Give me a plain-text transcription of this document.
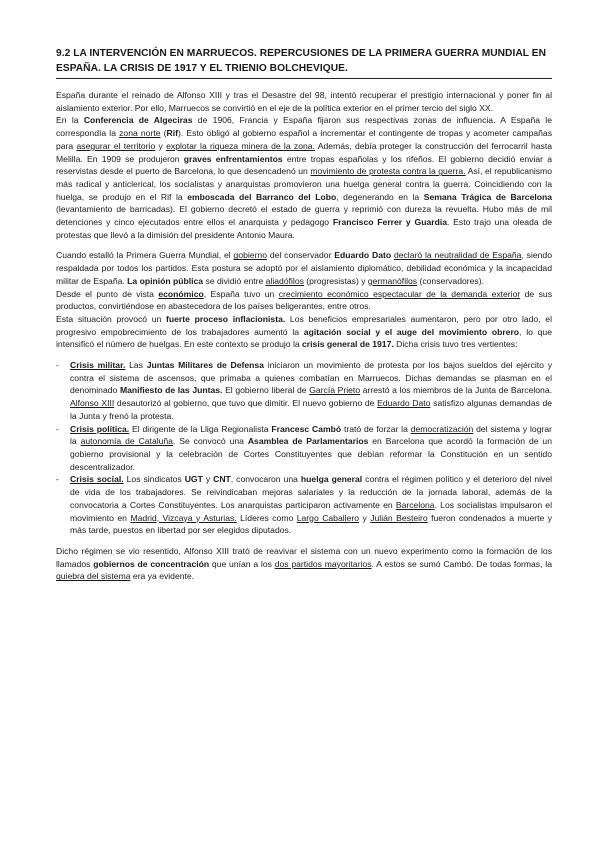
9.2 LA INTERVENCIÓN EN MARRUECOS. REPERCUSIONES DE LA PRIMERA GUERRA MUNDIAL EN ESPAÑA. LA CRISIS DE 1917 Y EL TRIENIO BOLCHEVIQUE.

España durante el reinado de Alfonso XIII y tras el Desastre del 98, intentó recuperar el prestigio internacional y poner fin al aislamiento exterior. Por ello, Marruecos se convirtió en el eje de la política exterior en el primer tercio del siglo XX.

En la Conferencia de Algeciras de 1906, Francia y España fijaron sus respectivas zonas de influencia. A España le correspondía la zona norte (Rif). Esto obligó al gobierno español a incrementar el contingente de tropas y acometer campañas para asegurar el territorio y explotar la riqueza minera de la zona. Además, debía proteger la construcción del ferrocarril hasta Melilla. En 1909 se produjeron graves enfrentamientos entre tropas españolas y los rifeños. El gobierno decidió enviar a reservistas desde el puerto de Barcelona, lo que desencadenó un movimiento de protesta contra la guerra. Así, el republicanismo más radical y anticlerical, los socialistas y anarquistas promovieron una huelga general contra la guerra. Coincidiendo con la huelga, se produjo en el Rif la emboscada del Barranco del Lobo, degenerando en la Semana Trágica de Barcelona (levantamiento de barricadas). El gobierno decretó el estado de guerra y reprimió con dureza la revuelta. Hubo más de mil detenciones y cinco ejecutados entre ellos el anarquista y pedagogo Francisco Ferrer y Guardia. Esto trajo una oleada de protestas que llevó a la dimisión del presidente Antonio Maura.

Cuando estalló la Primera Guerra Mundial, el gobierno del conservador Eduardo Dato declaró la neutralidad de España, siendo respaldada por todos los partidos. Esta postura se adoptó por el aislamiento diplomático, debilidad económica y la incapacidad militar de España. La opinión pública se dividió entre aliadófilos (progresistas) y germanófilos (conservadores).

Desde el punto de vista económico, España tuvo un crecimiento económico espectacular de la demanda exterior de sus productos, convirtiéndose en abastecedora de los países beligerantes, entre otros.

Esta situación provocó un fuerte proceso inflacionista. Los beneficios empresariales aumentaron, pero por otro lado, el progresivo empobrecimiento de los trabajadores aumentó la agitación social y el auge del movimiento obrero, lo que intensificó el número de huelgas. En este contexto se produjo la crisis general de 1917. Dicha crisis tuvo tres vertientes:

-	Crisis militar. Las Juntas Militares de Defensa iniciaron un movimiento de protesta por los bajos sueldos del ejército y contra el sistema de ascensos, que primaba a quienes combatían en Marruecos. Dichas demandas se plasman en el denominado Manifiesto de las Juntas. El gobierno liberal de García Prieto arrestó a los miembros de la Junta de Barcelona. Alfonso XIII desautorizó al gobierno, que tuvo que dimitir. El nuevo gobierno de Eduardo Dato satisfizo algunas demandas de la Junta y frenó la protesta.

-	Crisis política. El dirigente de la Lliga Regionalista Francesc Cambó trató de forzar la democratización del sistema y lograr la autonomía de Cataluña. Se convocó una Asamblea de Parlamentarios en Barcelona que acordó la formación de un gobierno provisional y la celebración de Cortes Constituyentes que debían reformar la Constitución en un sentido descentralizador.

-	Crisis social. Los sindicatos UGT y CNT, convocaron una huelga general contra el régimen político y el deterioro del nivel de vida de los trabajadores. Se reivindicaban mejoras salariales y la reducción de la jornada laboral, además de la convocatoria a Cortes Constituyentes. Los anarquistas participaron activamente en Barcelona. Los socialistas impulsaron el movimiento en Madrid, Vizcaya y Asturias. Líderes como Largo Caballero y Julián Besteiro fueron condenados a muerte y más tarde, puestos en libertad por ser elegidos diputados.

Dicho régimen se vio resentido, Alfonso XIII trató de reavivar el sistema con un nuevo experimento como la formación de los llamados gobiernos de concentración que unían a los dos partidos mayoritarios. A estos se sumó Cambó. De todas formas, la quiebra del sistema era ya evidente.
